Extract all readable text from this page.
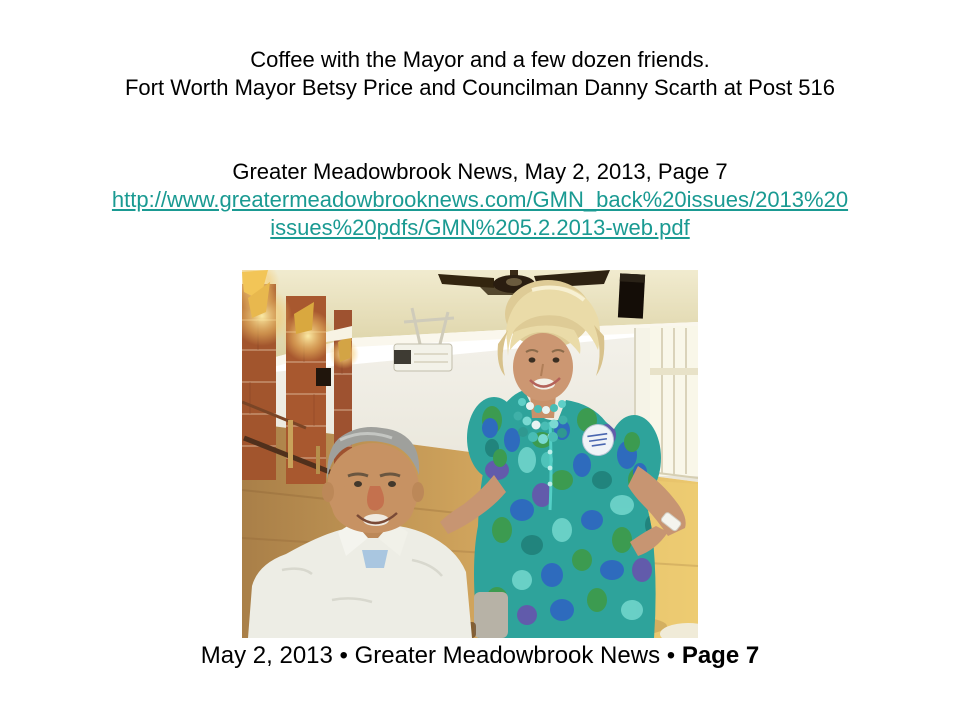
Coffee with the Mayor and a few dozen friends.
Fort Worth Mayor Betsy Price and Councilman Danny Scarth at Post 516
Greater Meadowbrook News, May 2, 2013, Page 7
http://www.greatermeadowbrooknews.com/GMN_back%20issues/2013%20
issues%20pdfs/GMN%205.2.2013-web.pdf
May 2, 2013 • Greater Meadowbrook News • Page 7
